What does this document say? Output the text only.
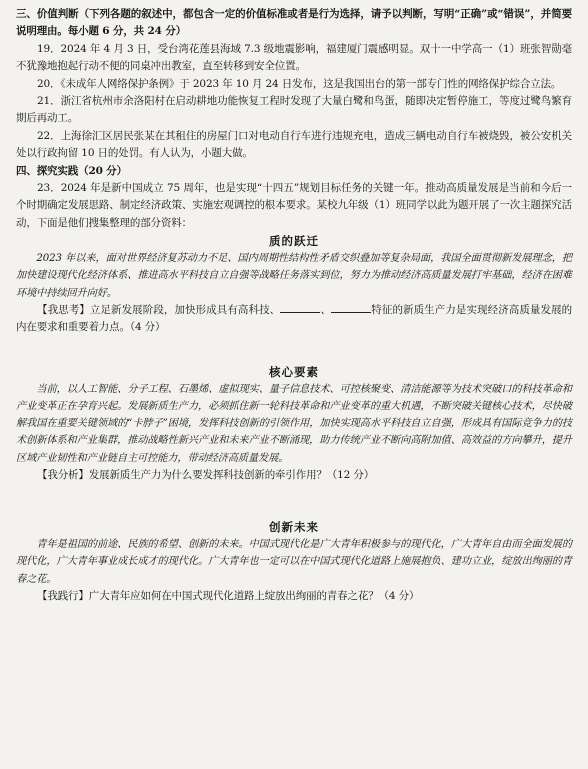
三、价值判断（下列各题的叙述中，都包含一定的价值标准或者是行为选择，请予以判断，写明“正确”或“错误”，并简要说明理由。每小题 6 分，共 24 分）

19．2024 年 4 月 3 日，受台湾花莲县海域 7.3 级地震影响，福建厦门震感明显。双十一中学高一（1）班张智勋毫不犹豫地抱起行动不便的同桌冲出教室，直至转移到安全位置。

20．《未成年人网络保护条例》于 2023 年 10 月 24 日发布，这是我国出台的第一部专门性的网络保护综合立法。

21．浙江省杭州市余洛阳村在启动耕地功能恢复工程时发现了大量白鹭和鸟蛋，随即决定暂停施工，等度过鹭鸟繁育期后再动工。

22．上海徐汇区居民张某在其租住的房屋门口对电动自行车进行违规充电，造成三辆电动自行车被烧毁，被公安机关处以行政拘留 10 日的处罚。有人认为，小题大做。

四、探究实践（20 分）

23．2024 年是新中国成立 75 周年，也是实现“十四五”规划目标任务的关键一年。推动高质量发展是当前和今后一个时期确定发展思路、制定经济政策、实施宏观调控的根本要求。某校九年级（1）班同学以此为题开展了一次主题探究活动，下面是他们搜集整理的部分资料：

质的跃迁

2023 年以来，面对世界经济复苏动力不足、国内周期性结构性矛盾交织叠加等复杂局面，我国全面贯彻新发展理念，把加快建设现代化经济体系、推进高水平科技自立自强等战略任务落实到位，努力为推动经济高质量发展打牢基础，经济在困难环境中持续回升向好。

【我思考】立足新发展阶段，加快形成具有高科技、	、	特征的新质生产力是实现经济高质量发展的内在要求和重要着力点。（4 分）

核心要素

当前，以人工智能、分子工程、石墨烯、虚拟现实、量子信息技术、可控核聚变、清洁能源等为技术突破口的科技革命和产业变革正在孕育兴起。发展新质生产力，必须抓住新一轮科技革命和产业变革的重大机遇，不断突破关键核心技术，尽快破解我国在重要关键领域的“卡脖子”困境，发挥科技创新的引领作用，加快实现高水平科技自立自强，形成具有国际竞争力的技术创新体系和产业集群，推动战略性新兴产业和未来产业不断涌现，助力传统产业不断向高附加值、高效益的方向攀升，提升区域产业韧性和产业链自主可控能力，带动经济高质量发展。

【我分析】发展新质生产力为什么要发挥科技创新的牵引作用？（12 分）

创新未来

青年是祖国的前途、民族的希望、创新的未来。中国式现代化是广大青年积极参与的现代化，广大青年自由而全面发展的现代化，广大青年事业成长成才的现代化。广大青年也一定可以在中国式现代化道路上施展抱负、建功立业，绽放出绚丽的青春之花。

【我践行】广大青年应如何在中国式现代化道路上绽放出绚丽的青春之花？（4 分）
